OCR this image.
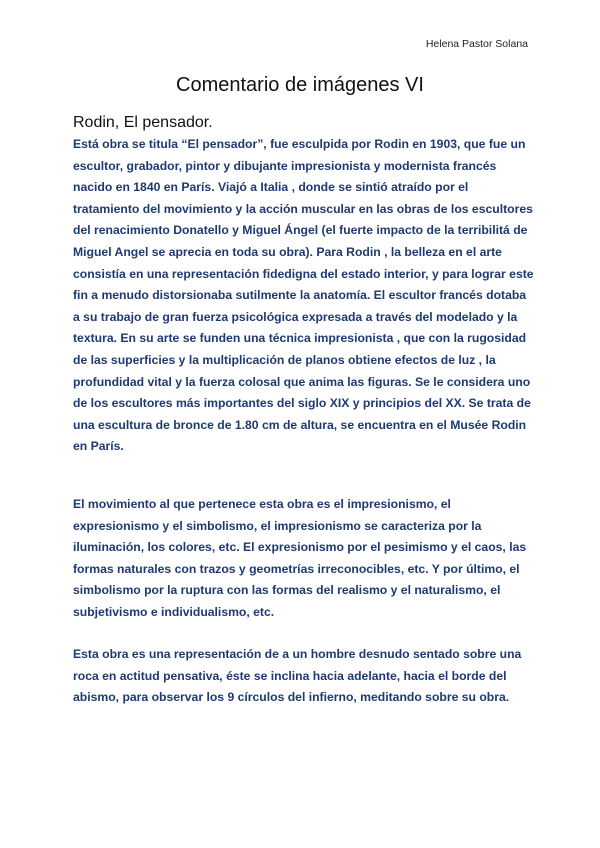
Helena Pastor Solana
Comentario de imágenes VI
Rodin, El pensador.

Está obra se titula “El pensador”, fue esculpida por Rodin en 1903, que fue un escultor, grabador, pintor y dibujante impresionista y modernista francés nacido en 1840 en París. Viajó a Italia , donde se sintió atraído por el tratamiento del movimiento y la acción muscular en las obras de los escultores del renacimiento Donatello y Miguel Ángel (el fuerte impacto de la terribilitá de Miguel Angel se aprecia en toda su obra). Para Rodin , la belleza en el arte consistía en una representación fidedigna del estado interior, y para lograr este fin a menudo distorsionaba sutilmente la anatomía. El escultor francés dotaba a su trabajo de gran fuerza psicológica expresada a través del modelado y la textura. En su arte se funden una técnica impresionista , que con la rugosidad de las superficies y la multiplicación de planos obtiene efectos de luz , la profundidad vital y la fuerza colosal que anima las figuras. Se le considera uno de los escultores más importantes del siglo XIX y principios del XX. Se trata de una escultura de bronce de 1.80 cm de altura, se encuentra en el Musée Rodin en París.

El movimiento al que pertenece esta obra es el impresionismo, el expresionismo y el simbolismo, el impresionismo se caracteriza por la iluminación, los colores, etc. El expresionismo por el pesimismo y el caos, las formas naturales con trazos y geometrías irreconocibles, etc. Y por último, el simbolismo por la ruptura con las formas del realismo y el naturalismo, el subjetivismo e individualismo, etc.

Esta obra es una representación de a un hombre desnudo sentado sobre una roca en actitud pensativa, éste se inclina hacia adelante, hacia el borde del abismo, para observar los 9 círculos del infierno, meditando sobre su obra.
